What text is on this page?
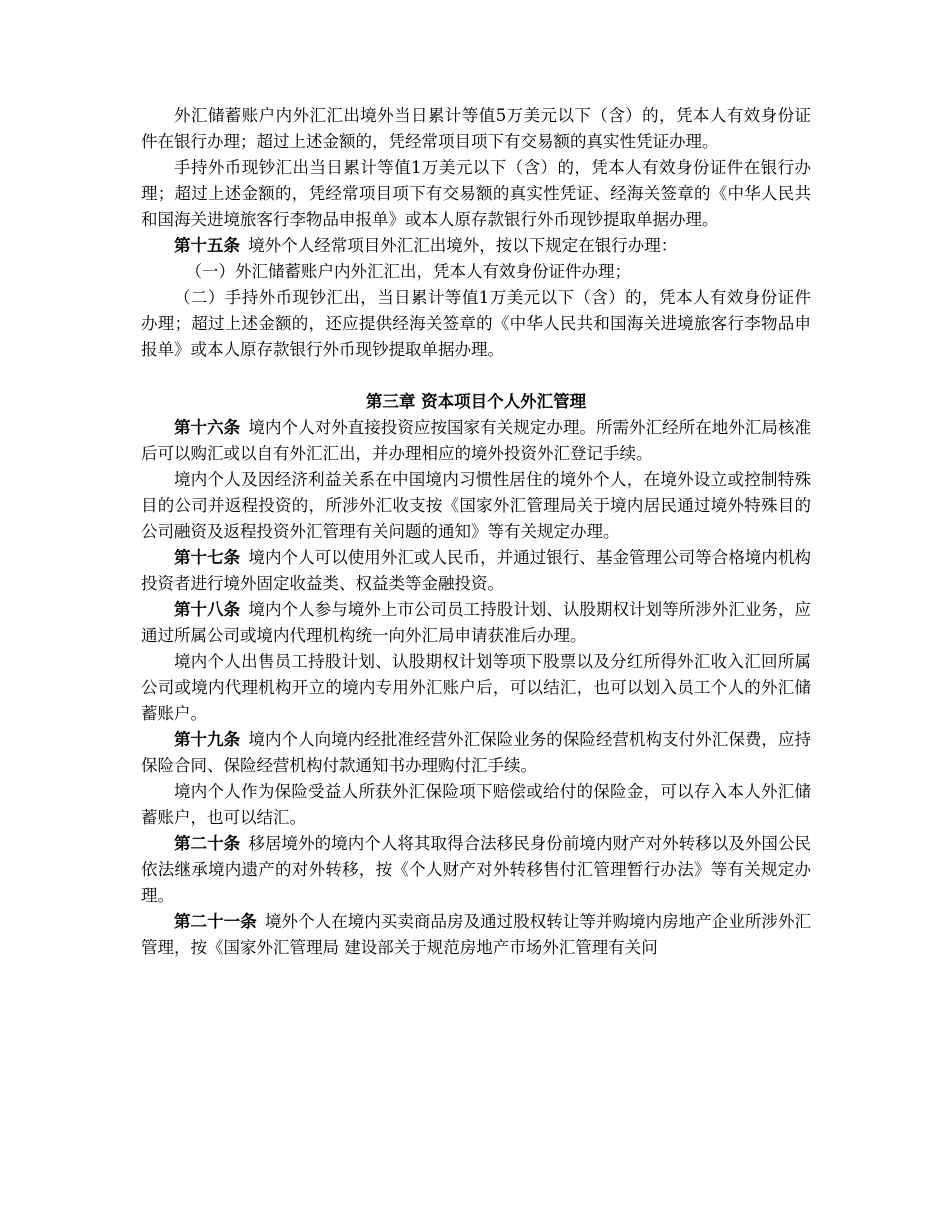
外汇储蓄账户内外汇汇出境外当日累计等值5万美元以下（含）的，凭本人有效身份证件在银行办理；超过上述金额的，凭经常项目项下有交易额的真实性凭证办理。

手持外币现钞汇出当日累计等值1万美元以下（含）的，凭本人有效身份证件在银行办理；超过上述金额的，凭经常项目项下有交易额的真实性凭证、经海关签章的《中华人民共和国海关进境旅客行李物品申报单》或本人原存款银行外币现钞提取单据办理。

第十五条 境外个人经常项目外汇汇出境外，按以下规定在银行办理：

（一）外汇储蓄账户内外汇汇出，凭本人有效身份证件办理；

（二）手持外币现钞汇出，当日累计等值1万美元以下（含）的，凭本人有效身份证件办理；超过上述金额的，还应提供经海关签章的《中华人民共和国海关进境旅客行李物品申报单》或本人原存款银行外币现钞提取单据办理。

第三章 资本项目个人外汇管理

第十六条 境内个人对外直接投资应按国家有关规定办理。所需外汇经所在地外汇局核准后可以购汇或以自有外汇汇出，并办理相应的境外投资外汇登记手续。

境内个人及因经济利益关系在中国境内习惯性居住的境外个人，在境外设立或控制特殊目的公司并返程投资的，所涉外汇收支按《国家外汇管理局关于境内居民通过境外特殊目的公司融资及返程投资外汇管理有关问题的通知》等有关规定办理。

第十七条 境内个人可以使用外汇或人民币，并通过银行、基金管理公司等合格境内机构投资者进行境外固定收益类、权益类等金融投资。

第十八条 境内个人参与境外上市公司员工持股计划、认股期权计划等所涉外汇业务，应通过所属公司或境内代理机构统一向外汇局申请获准后办理。

境内个人出售员工持股计划、认股期权计划等项下股票以及分红所得外汇收入汇回所属公司或境内代理机构开立的境内专用外汇账户后，可以结汇，也可以划入员工个人的外汇储蓄账户。

第十九条 境内个人向境内经批准经营外汇保险业务的保险经营机构支付外汇保费，应持保险合同、保险经营机构付款通知书办理购付汇手续。

境内个人作为保险受益人所获外汇保险项下赔偿或给付的保险金，可以存入本人外汇储蓄账户，也可以结汇。

第二十条 移居境外的境内个人将其取得合法移民身份前境内财产对外转移以及外国公民依法继承境内遗产的对外转移，按《个人财产对外转移售付汇管理暂行办法》等有关规定办理。

第二十一条 境外个人在境内买卖商品房及通过股权转让等并购境内房地产企业所涉外汇管理，按《国家外汇管理局 建设部关于规范房地产市场外汇管理有关问
